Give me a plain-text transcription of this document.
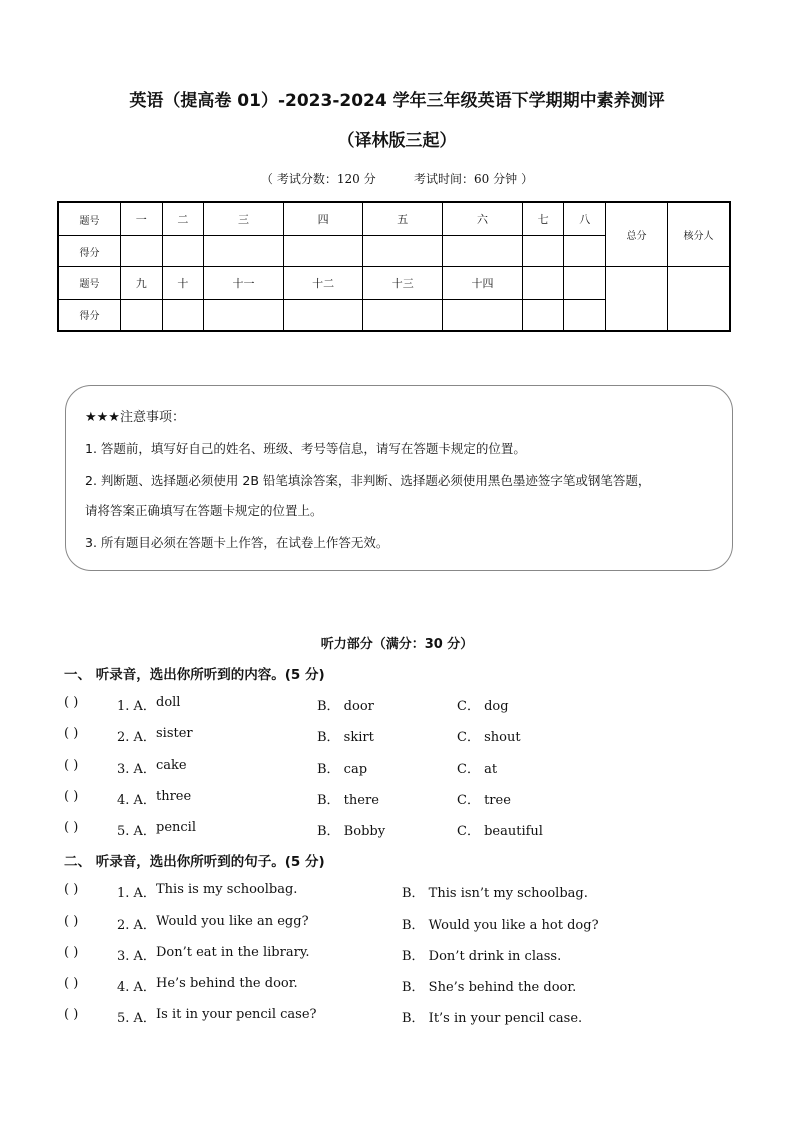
英语（提高卷 01）-2023-2024 学年三年级英语下学期期中素养测评
（译林版三起）
（ 考试分数：120 分	考试时间：60 分钟 ）
题号	一	二	三	四	五	六	七	八	总分	核分人
得分										
题号	九	十	十一	十二	十三	十四				
得分										
★★★注意事项：
1. 答题前，填写好自己的姓名、班级、考号等信息，请写在答题卡规定的位置。
2. 判断题、选择题必须使用 2B 铅笔填涂答案，非判断、选择题必须使用黑色墨迹签字笔或钢笔答题，
请将答案正确填写在答题卡规定的位置上。
3. 所有题目必须在答题卡上作答，在试卷上作答无效。
听力部分（满分：30 分）
一、 听录音，选出你所听到的内容。(5 分)
( )	1. A． doll	B． door	C． dog
( )	2. A． sister	B． skirt	C． shout
( )	3. A． cake	B． cap	C． at
( )	4. A． three	B． there	C． tree
( )	5. A． pencil	B． Bobby	C． beautiful
二、 听录音，选出你所听到的句子。(5 分)
( )	1. A． This is my schoolbag.	B． This isn’t my schoolbag.
( )	2. A． Would you like an egg?	B． Would you like a hot dog?
( )	3. A． Don’t eat in the library.	B． Don’t drink in class.
( )	4. A． He’s behind the door.	B． She’s behind the door.
( )	5. A． Is it in your pencil case?	B． It’s in your pencil case.
